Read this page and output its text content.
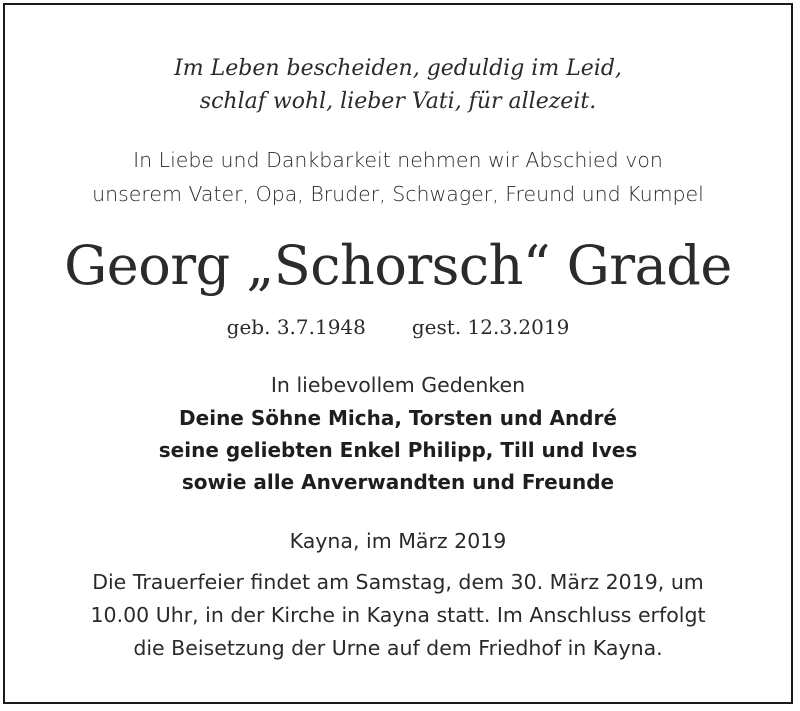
Im Leben bescheiden, geduldig im Leid,
schlaf wohl, lieber Vati, für allezeit.
In Liebe und Dankbarkeit nehmen wir Abschied von
unserem Vater, Opa, Bruder, Schwager, Freund und Kumpel
Georg „Schorsch“ Grade
geb. 3.7.1948 gest. 12.3.2019
In liebevollem Gedenken
Deine Söhne Micha, Torsten und André
seine geliebten Enkel Philipp, Till und Ives
sowie alle Anverwandten und Freunde
Kayna, im März 2019
Die Trauerfeier findet am Samstag, dem 30. März 2019, um
10.00 Uhr, in der Kirche in Kayna statt. Im Anschluss erfolgt
die Beisetzung der Urne auf dem Friedhof in Kayna.
